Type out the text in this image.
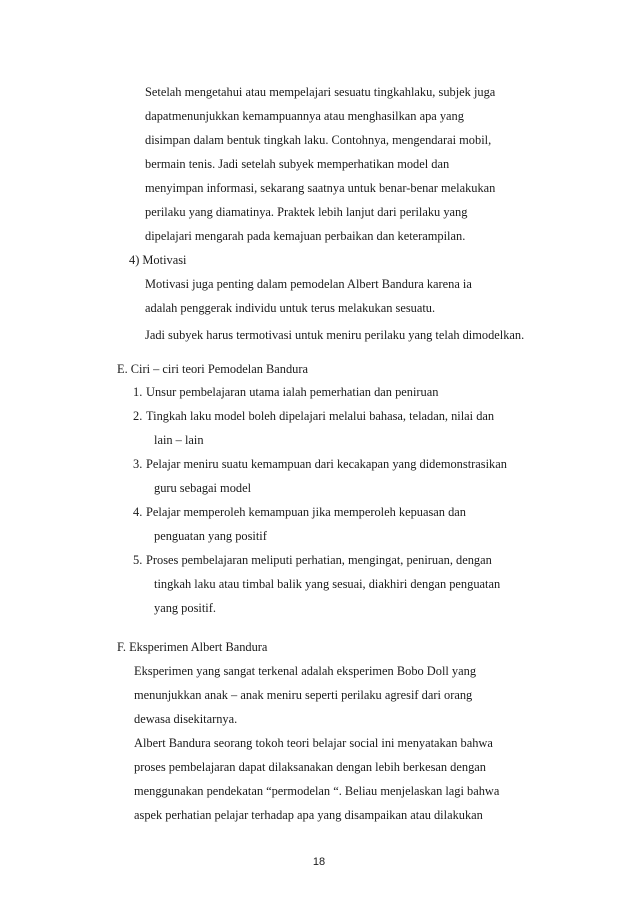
Setelah mengetahui atau mempelajari sesuatu tingkahlaku, subjek juga
dapatmenunjukkan kemampuannya atau menghasilkan apa yang
disimpan dalam bentuk tingkah laku. Contohnya, mengendarai mobil,
bermain tenis. Jadi setelah subyek memperhatikan model dan
menyimpan informasi, sekarang saatnya untuk benar-benar melakukan
perilaku yang diamatinya. Praktek lebih lanjut dari perilaku yang
dipelajari mengarah pada kemajuan perbaikan dan keterampilan.
4) Motivasi
Motivasi juga penting dalam pemodelan Albert Bandura karena ia
adalah penggerak individu untuk terus melakukan sesuatu.
Jadi subyek harus termotivasi untuk meniru perilaku yang telah dimodelkan.
E. Ciri – ciri teori Pemodelan Bandura
1. Unsur pembelajaran utama ialah pemerhatian dan peniruan
2. Tingkah laku model boleh dipelajari melalui bahasa, teladan, nilai dan
lain – lain
3. Pelajar meniru suatu kemampuan dari kecakapan yang didemonstrasikan
guru sebagai model
4. Pelajar memperoleh kemampuan jika memperoleh kepuasan dan
penguatan yang positif
5. Proses pembelajaran meliputi perhatian, mengingat, peniruan, dengan
tingkah laku atau timbal balik yang sesuai, diakhiri dengan penguatan
yang positif.
F. Eksperimen Albert Bandura
Eksperimen yang sangat terkenal adalah eksperimen Bobo Doll yang
menunjukkan anak – anak meniru seperti perilaku agresif dari orang
dewasa disekitarnya.
Albert Bandura seorang tokoh teori belajar social ini menyatakan bahwa
proses pembelajaran dapat dilaksanakan dengan lebih berkesan dengan
menggunakan pendekatan “permodelan “. Beliau menjelaskan lagi bahwa
aspek perhatian pelajar terhadap apa yang disampaikan atau dilakukan
18
